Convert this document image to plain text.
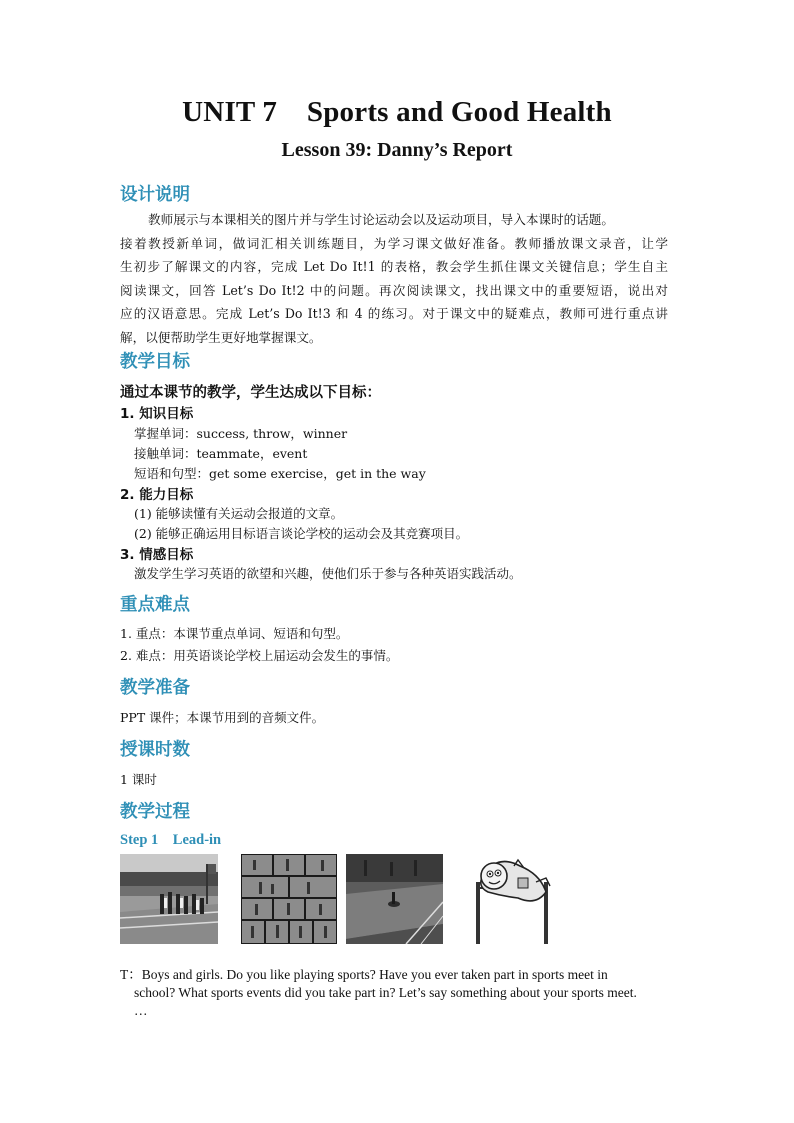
UNIT 7    Sports and Good Health
Lesson 39: Danny’s Report
设计说明
教师展示与本课相关的图片并与学生讨论运动会以及运动项目，导入本课时的话题。
接着教授新单词，做词汇相关训练题目，为学习课文做好准备。教师播放课文录音，让学
生初步了解课文的内容，完成 Let Do It!1 的表格，教会学生抓住课文关键信息；学生自主
阅读课文，回答 Let’s Do It!2 中的问题。再次阅读课文，找出课文中的重要短语，说出对
应的汉语意思。完成 Let’s Do It!3 和 4 的练习。对于课文中的疑难点，教师可进行重点讲
解，以便帮助学生更好地掌握课文。
教学目标
通过本课节的教学，学生达成以下目标：
1. 知识目标
掌握单词：success, throw，winner
接触单词：teammate，event
短语和句型：get some exercise，get in the way
2. 能力目标
(1) 能够读懂有关运动会报道的文章。
(2) 能够正确运用目标语言谈论学校的运动会及其竞赛项目。
3. 情感目标
激发学生学习英语的欲望和兴趣，使他们乐于参与各种英语实践活动。
重点难点
1. 重点：本课节重点单词、短语和句型。
2. 难点：用英语谈论学校上届运动会发生的事情。
教学准备
PPT 课件；本课节用到的音频文件。
授课时数
1 课时
教学过程
Step 1    Lead-in
T：Boys and girls. Do you like playing sports? Have you ever taken part in sports meet in
school? What sports events did you take part in? Let’s say something about your sports meet.
…
